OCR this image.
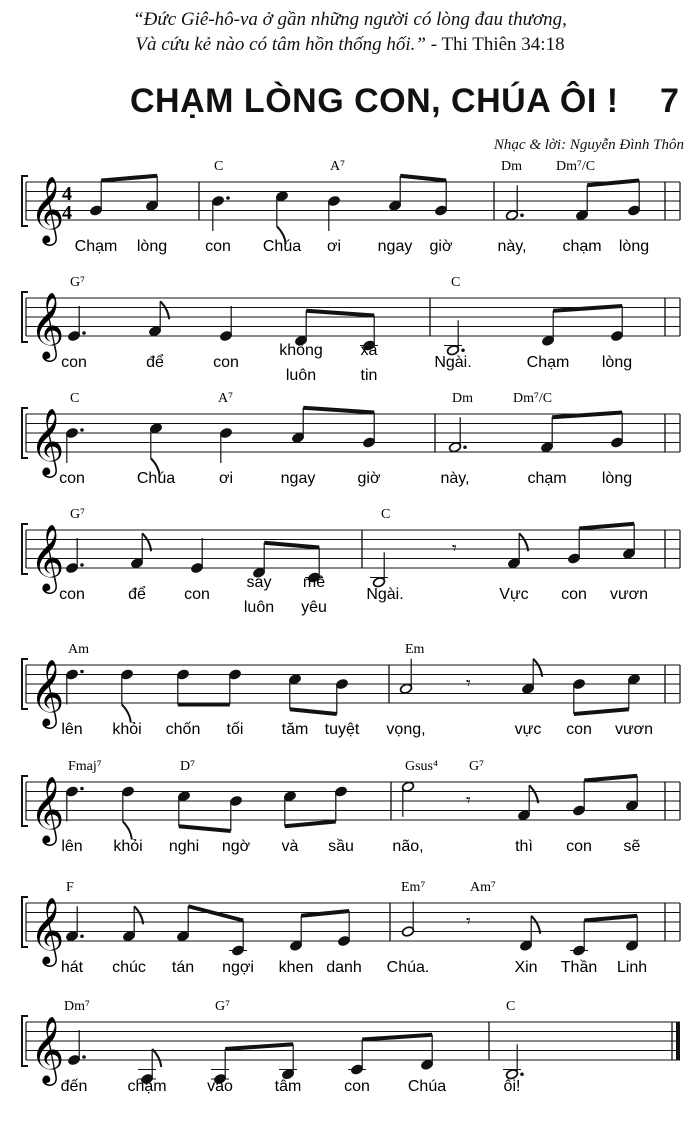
“Đức Giê-hô-va ở gần những người có lòng đau thương,
Và cứu kẻ nào có tâm hồn thống hối.” - Thi Thiên 34:18
CHẠM LÒNG CON, CHÚA ÔI ! 7
Nhạc & lời: Nguyễn Đình Thôn
𝄞
4
4
C	A⁷	Dm Dm⁷/C
Chạm lòng con Chúa ơi ngay giờ	này, chạm lòng
𝄞
G⁷	C
con	để	con
không xa
Ngài.	Chạm lòng
luôn	tin
𝄞
C	A⁷	Dm	Dm⁷/C
con	Chúa	ơi	ngay	giờ	này,	chạm lòng
𝄞
G⁷	C
𝄾
con	để con
say mê
Ngài.	Vực con vươn
luôn yêu
𝄞
Am	Em
𝄾
lên khỏi chốn tối tăm tuyệt vọng,	vực con vươn
𝄞
Fmaj⁷	D⁷	Gsus⁴ G⁷
𝄾
lên khỏi nghi ngờ và sầu não,	thì con sẽ
𝄞
F	Em⁷	Am⁷
𝄾
hát chúc tán ngợi khen danh Chúa.	Xin Thần Linh
𝄞
Dm⁷	G⁷	C
đến	chạm	vào	tâm	con Chúa	ôi!
